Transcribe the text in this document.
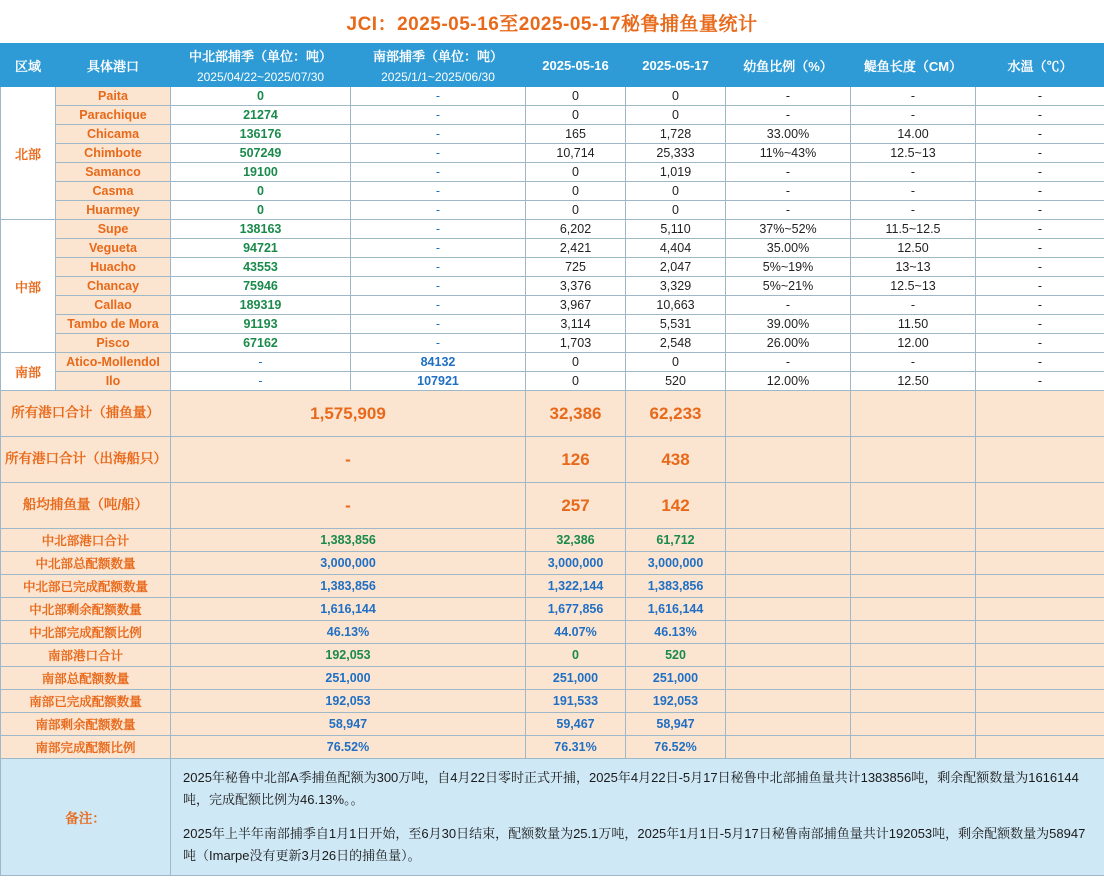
JCI：2025-05-16至2025-05-17秘鲁捕鱼量统计
区域	具体港口	中北部捕季（单位：吨）	南部捕季（单位：吨）	2025-05-16	2025-05-17	幼鱼比例（%）	鳀鱼长度（CM）	水温（℃）
		2025/04/22~2025/07/30	2025/1/1~2025/06/30					
北部	Paita	0	-	0	0	-	-	-
	Parachique	21274	-	0	0	-	-	-
	Chicama	136176	-	165	1,728	33.00%	14.00	-
	Chimbote	507249	-	10,714	25,333	11%~43%	12.5~13	-
	Samanco	19100	-	0	1,019	-	-	-
	Casma	0	-	0	0	-	-	-
	Huarmey	0	-	0	0	-	-	-
中部	Supe	138163	-	6,202	5,110	37%~52%	11.5~12.5	-
	Vegueta	94721	-	2,421	4,404	35.00%	12.50	-
	Huacho	43553	-	725	2,047	5%~19%	13~13	-
	Chancay	75946	-	3,376	3,329	5%~21%	12.5~13	-
	Callao	189319	-	3,967	10,663	-	-	-
	Tambo de Mora	91193	-	3,114	5,531	39.00%	11.50	-
	Pisco	67162	-	1,703	2,548	26.00%	12.00	-
南部	Atico-MollendoI	-	84132	0	0	-	-	-
	Ilo	-	107921	0	520	12.00%	12.50	-
所有港口合计（捕鱼量）		1,575,909		32,386	62,233			
所有港口合计（出海船只）		-		126	438			
船均捕鱼量（吨/船）		-		257	142			
中北部港口合计		1,383,856		32,386	61,712			
中北部总配额数量		3,000,000		3,000,000	3,000,000			
中北部已完成配额数量		1,383,856		1,322,144	1,383,856			
中北部剩余配额数量		1,616,144		1,677,856	1,616,144			
中北部完成配额比例		46.13%		44.07%	46.13%			
南部港口合计		192,053		0	520			
南部总配额数量		251,000		251,000	251,000			
南部已完成配额数量		192,053		191,533	192,053			
南部剩余配额数量		58,947		59,467	58,947			
南部完成配额比例		76.52%		76.31%	76.52%			
备注：		2025年秘鲁中北部A季捕鱼配额为300万吨，自4月22日零时正式开捕，2025年4月22日-5月17日秘鲁中北部捕鱼量共计1383856吨，剩余配额数量为1616144吨，完成配额比例为46.13%。。

2025年上半年南部捕季自1月1日开始，至6月30日结束，配额数量为25.1万吨，2025年1月1日-5月17日秘鲁南部捕鱼量共计192053吨，剩余配额数量为58947吨（Imarpe没有更新3月26日的捕鱼量）。						
